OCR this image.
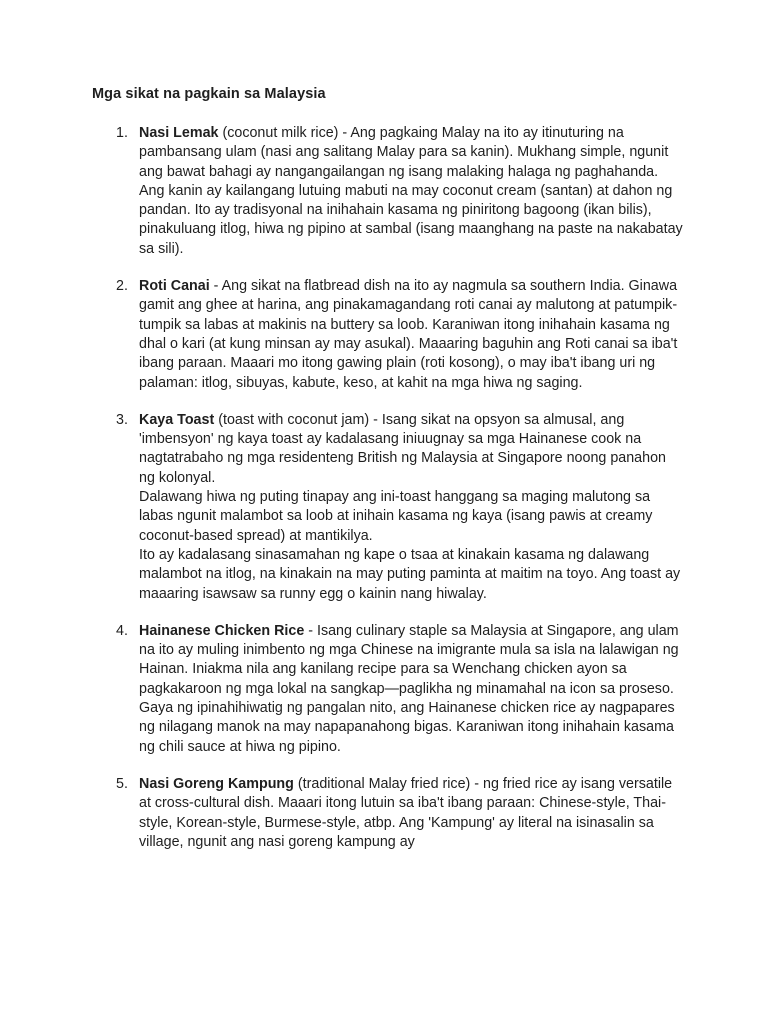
Mga sikat na pagkain sa Malaysia
1. Nasi Lemak (coconut milk rice) - Ang pagkaing Malay na ito ay itinuturing na pambansang ulam (nasi ang salitang Malay para sa kanin). Mukhang simple, ngunit ang bawat bahagi ay nangangailangan ng isang malaking halaga ng paghahanda.

Ang kanin ay kailangang lutuing mabuti na may coconut cream (santan) at dahon ng pandan. Ito ay tradisyonal na inihahain kasama ng piniritong bagoong (ikan bilis), pinakuluang itlog, hiwa ng pipino at sambal (isang maanghang na paste na nakabatay sa sili).

2. Roti Canai - Ang sikat na flatbread dish na ito ay nagmula sa southern India. Ginawa gamit ang ghee at harina, ang pinakamagandang roti canai ay malutong at patumpik-tumpik sa labas at makinis na buttery sa loob. Karaniwan itong inihahain kasama ng dhal o kari (at kung minsan ay may asukal). Maaaring baguhin ang Roti canai sa iba't ibang paraan. Maaari mo itong gawing plain (roti kosong), o may iba't ibang uri ng palaman: itlog, sibuyas, kabute, keso, at kahit na mga hiwa ng saging.

3. Kaya Toast (toast with coconut jam) - Isang sikat na opsyon sa almusal, ang 'imbensyon' ng kaya toast ay kadalasang iniuugnay sa mga Hainanese cook na nagtatrabaho ng mga residenteng British ng Malaysia at Singapore noong panahon ng kolonyal.

Dalawang hiwa ng puting tinapay ang ini-toast hanggang sa maging malutong sa labas ngunit malambot sa loob at inihain kasama ng kaya (isang pawis at creamy coconut-based spread) at mantikilya.

Ito ay kadalasang sinasamahan ng kape o tsaa at kinakain kasama ng dalawang malambot na itlog, na kinakain na may puting paminta at maitim na toyo. Ang toast ay maaaring isawsaw sa runny egg o kainin nang hiwalay.

4. Hainanese Chicken Rice - Isang culinary staple sa Malaysia at Singapore, ang ulam na ito ay muling inimbento ng mga Chinese na imigrante mula sa isla na lalawigan ng Hainan. Iniakma nila ang kanilang recipe para sa Wenchang chicken ayon sa pagkakaroon ng mga lokal na sangkap—paglikha ng minamahal na icon sa proseso.

Gaya ng ipinahihiwatig ng pangalan nito, ang Hainanese chicken rice ay nagpapares ng nilagang manok na may napapanahong bigas. Karaniwan itong inihahain kasama ng chili sauce at hiwa ng pipino.

5. Nasi Goreng Kampung (traditional Malay fried rice) - ng fried rice ay isang versatile at cross-cultural dish. Maaari itong lutuin sa iba't ibang paraan: Chinese-style, Thai-style, Korean-style, Burmese-style, atbp. Ang 'Kampung' ay literal na isinasalin sa village, ngunit ang nasi goreng kampung ay
